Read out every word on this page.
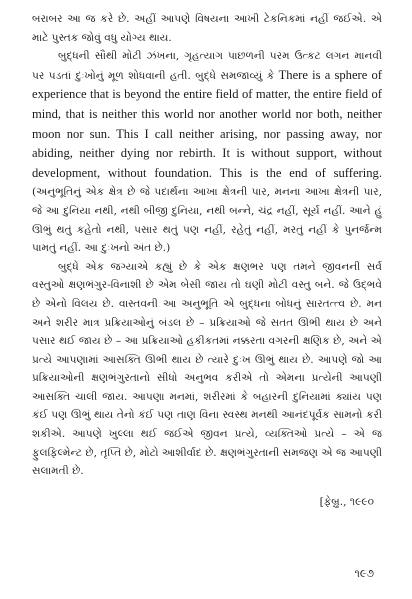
બરાબર આ જ કરે છે. અહીં આપણે વિષયના આખી ટેકનિકમાં નહીં જઈએ. એ માટે પુસ્તક જોવું વધુ યોગ્ય થાય.

બુદ્ધની સૌથી મોટી ઝંખના, ગૃહત્યાગ પાછળની પરમ ઉત્કટ લગન માનવી પર પડતાં દુઃખોનું મૂળ શોધવાની હતી. બુદ્ધે સમજાવ્યું કે There is a sphere of experience that is beyond the entire field of matter, the entire field of mind, that is neither this world nor another world nor both, neither moon nor sun. This I call neither arising, nor passing away, nor abiding, neither dying nor rebirth. It is without support, without development, without foundation. This is the end of suffering. (અનુભૂતિનું એક ક્ષેત્ર છે જે પદાર્થના આખા ક્ષેત્રની પાર, મનના આખા ક્ષેત્રની પાર, જે આ દુનિયા નથી, નથી બીજી દુનિયા, નથી બન્ને, ચંદ્ર નહીં, સૂર્ય નહીં. આને હું ઊભું થતું કહેતો નથી, પસાર થતું પણ નહીં, રહેતું નહીં, મરતું નહીં કે પુનર્જન્મ પામતું નહીં. આ દુઃખનો અંત છે.)

બુદ્ધે એક જગ્યાએ કહ્યું છે કે એક ક્ષણભર પણ તમને જીવનની સર્વ વસ્તુઓ ક્ષણભંગુર-વિનાશી છે એમ બેસી જાય તો ઘણી મોટી વસ્તુ બને. જે ઉદ્ભવે છે એનો વિલય છે. વાસ્તવની આ અનુભૂતિ એ બુદ્ધના બોધનું સારતત્ત્વ છે. મન અને શરીર માત્ર પ્રક્રિયાઓનું બંડલ છે – પ્રક્રિયાઓ જે સતત ઊભી થાય છે અને પસાર થઈ જાય છે – આ પ્રક્રિયાઓ હકીકતમાં નક્કરતા વગરની ક્ષણિક છે, અને એ પ્રત્યે આપણામાં આસક્તિ ઊભી થાય છે ત્યારે દુઃખ ઊભું થાય છે. આપણે જો આ પ્રક્રિયાઓની ક્ષણભંગુરતાનો સીધો અનુભવ કરીએ તો એમના પ્રત્યેની આપણી આસક્તિ ચાલી જાય. આપણા મનમાં, શરીરમાં કે બહારની દુનિયામાં ક્યાંય પણ કંઈ પણ ઊભું થાય તેનો કંઈ પણ તાણ વિના સ્વસ્થ મનથી આનંદપૂર્વક સામનો કરી શકીએ. આપણે ખુલ્લા થઈ જઈએ જીવન પ્રત્યે, વ્યક્તિઓ પ્રત્યે – એ જ ફુલફિલ્મેન્ટ છે, તૃપ્તિ છે, મોટો આશીર્વાદ છે. ક્ષણભંગુરતાની સમજણ એ જ આપણી સલામતી છે.

[ફેબ્રુ., ૧૯૯૦
૧૯૭
